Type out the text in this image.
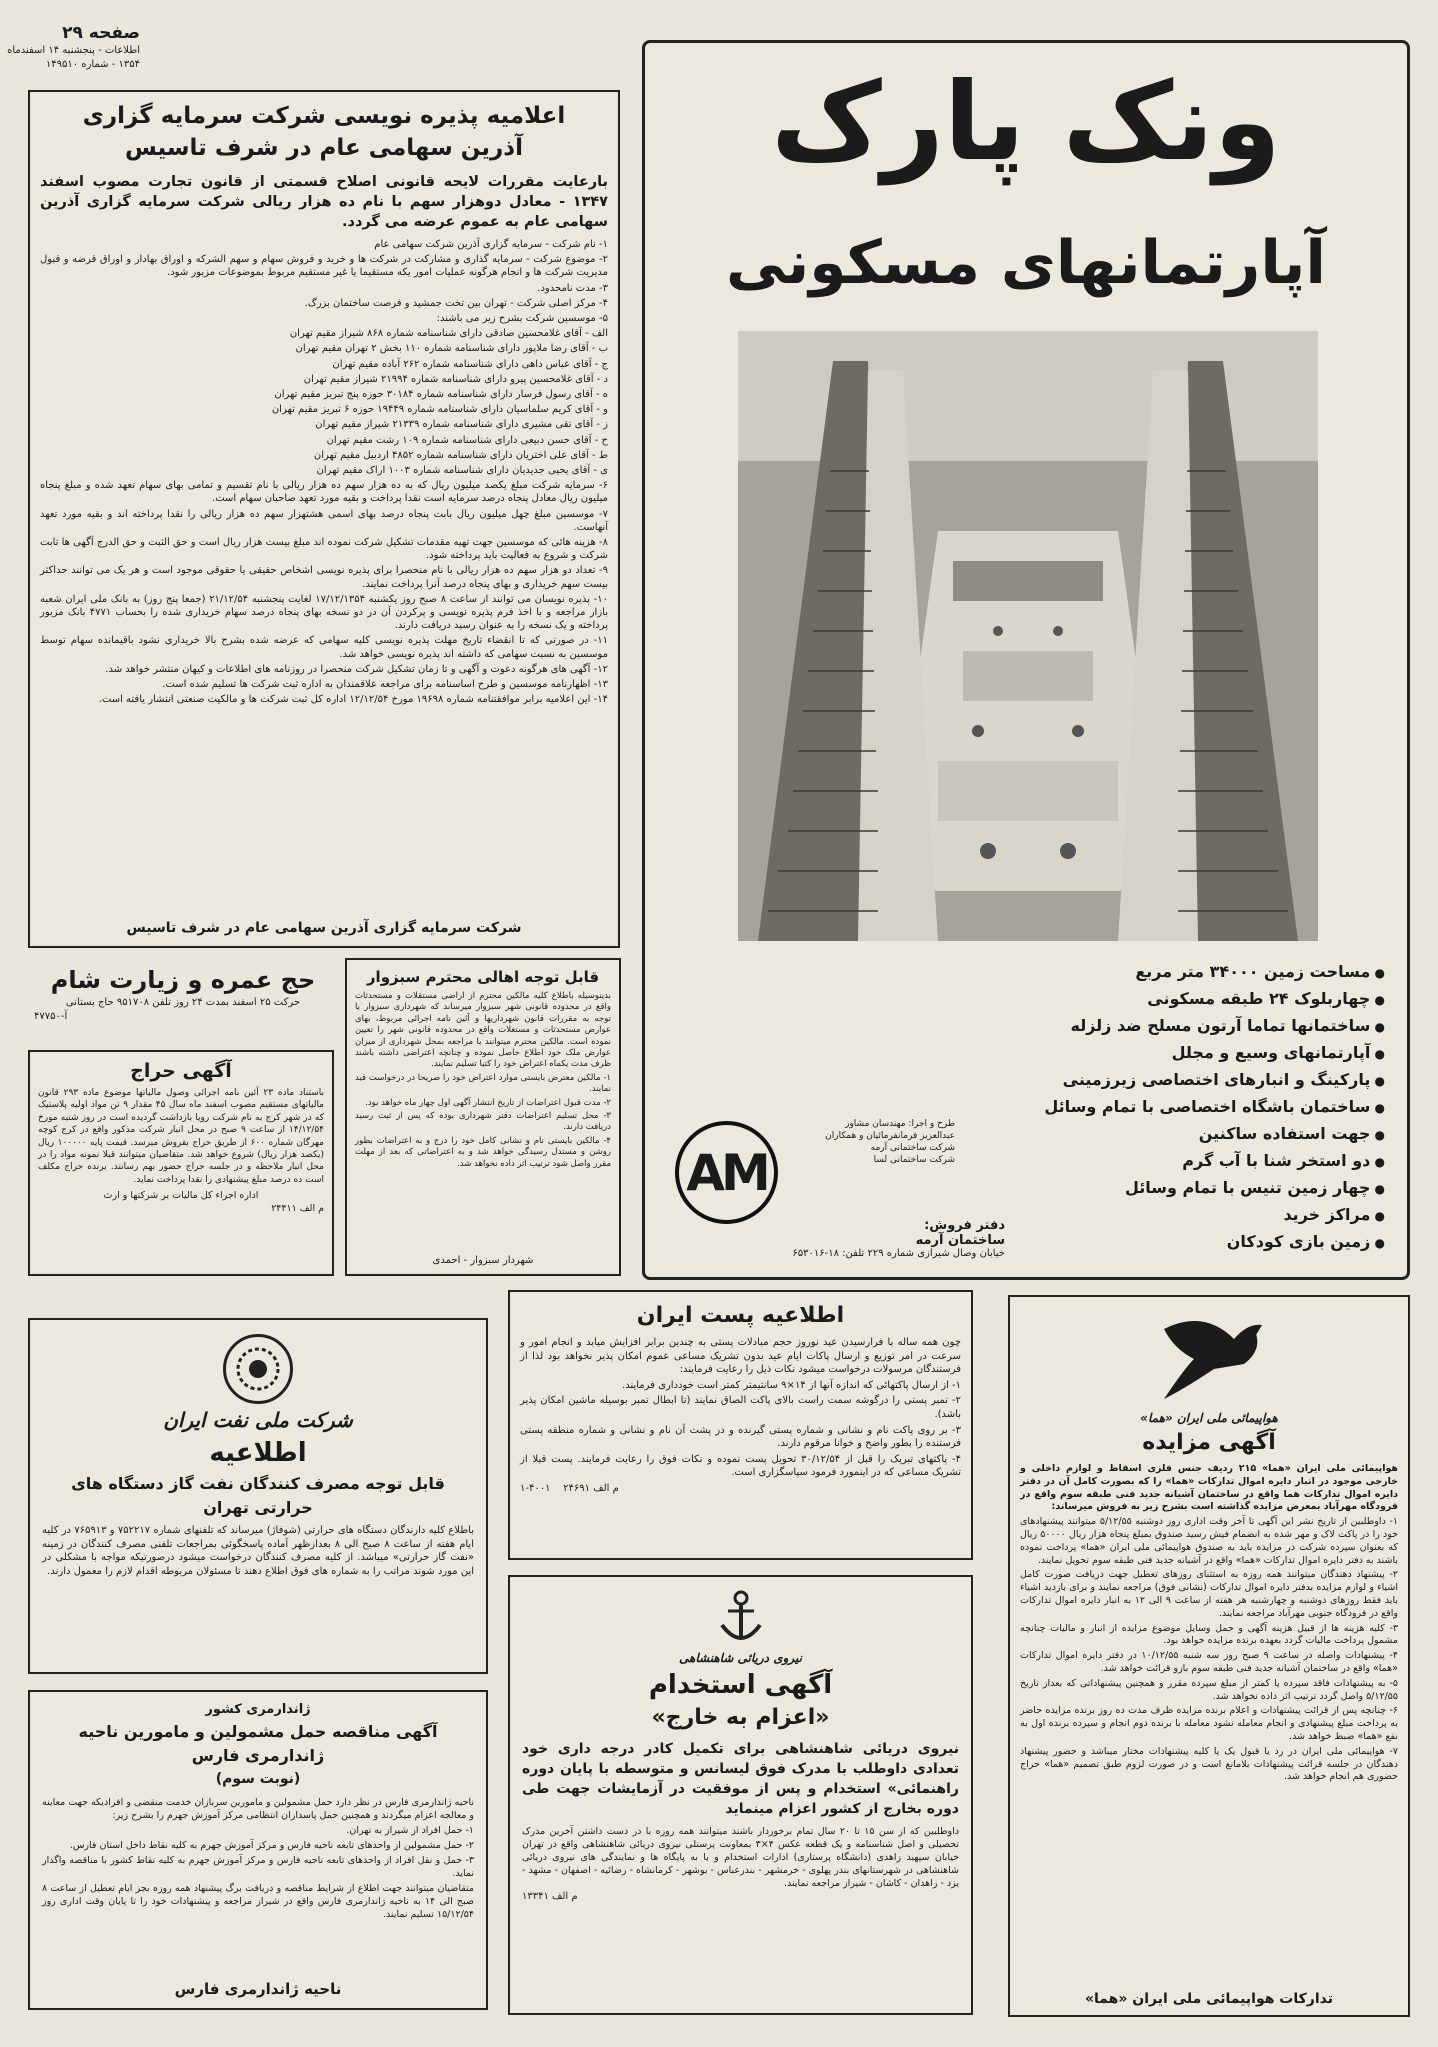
صفحه ۲۹
اطلاعات - پنجشنبه ۱۴ اسفندماه
۱۳۵۴ - شماره ۱۴۹۵۱۰	ونک پارک
آپارتمانهای مسکونی
● مساحت زمین ۳۴۰۰۰ متر مربع
● چهاربلوک ۲۴ طبقه مسکونی
● ساختمانها تماما آرتون مسلح ضد زلزله
● آپارتمانهای وسیع و مجلل
● پارکینگ و انبارهای اختصاصی زیرزمینی
● ساختمان باشگاه اختصاصی با تمام وسائل
● جهت استفاده ساکنین
● دو استخر شنا با آب گرم
● چهار زمین تنیس با تمام وسائل
● مراکز خرید
● زمین بازی کودکان
طرح و اجرا: مهندسان مشاور
عبدالعزیز فرمانفرمائیان و همکاران
شرکت ساختمانی آرمه
شرکت ساختمانی لسا
AM
دفتر فروش:
ساختمان آرمه
خیابان وصال شیرازی شماره ۲۲۹ تلفن: ۱۸-۶۵۳۰۱۶
اعلامیه پذیره نویسی شرکت سرمایه گزاری
آذرین سهامی عام در شرف تاسیس
بارعایت مقررات لایحه قانونی اصلاح قسمتی از قانون تجارت مصوب اسفند ۱۳۴۷ - معادل دوهزار سهم با نام ده هزار ریالی شرکت سرمایه گزاری آذرین سهامی عام به عموم عرضه می گردد.

۱- نام شرکت - سرمایه گزاری آذرین شرکت سهامی عام

۲- موضوع شرکت - سرمایه گذاری و مشارکت در شرکت ها و خرید و فروش سهام و سهم الشرکه و اوراق بهادار و اوراق قرضه و قبول مدیریت شرکت ها و انجام هرگونه عملیات امور یکه مستقیما یا غیر مستقیم مربوط بموضوعات مزبور شود.

۳- مدت نامحدود.

۴- مرکز اصلی شرکت - تهران بین تخت جمشید و فرصت ساختمان بزرگ.

۵- موسسین شرکت بشرح زیر می باشند:

الف - آقای غلامحسین صادقی دارای شناسنامه شماره ۸۶۸ شیراز مقیم تهران

ب - آقای رضا ملاپور دارای شناسنامه شماره ۱۱۰ بخش ۲ تهران مقیم تهران

ج - آقای عباس داهی دارای شناسنامه شماره ۲۶۲ آباده مقیم تهران

د - آقای غلامحسین پیرو دارای شناسنامه شماره ۲۱۹۹۴ شیراز مقیم تهران

ه - آقای رسول فرسار دارای شناسنامه شماره ۳۰۱۸۴ حوزه پنج تبریز مقیم تهران

و - آقای کریم سلماسیان دارای شناسنامه شماره ۱۹۴۴۹ حوزه ۶ تبریز مقیم تهران

ز - آقای تقی مشیری دارای شناسنامه شماره ۲۱۳۳۹ شیراز مقیم تهران

ح - آقای حسن دبیعی دارای شناسنامه شماره ۱۰۹ رشت مقیم تهران

ط - آقای علی اختریان دارای شناسنامه شماره ۴۸۵۲ اردبیل مقیم تهران

ی - آقای یحیی جدیدیان دارای شناسنامه شماره ۱۰۰۳ اراک مقیم تهران

۶- سرمایه شرکت مبلغ یکصد میلیون ریال که به ده هزار سهم ده هزار ریالی با نام تقسیم و تمامی بهای سهام تعهد شده و مبلغ پنجاه میلیون ریال معادل پنجاه درصد سرمایه است نقدا پرداخت و بقیه مورد تعهد صاحبان سهام است.

۷- موسسین مبلغ چهل میلیون ریال بابت پنجاه درصد بهای اسمی هشتهزار سهم ده هزار ریالی را نقدا پرداخته اند و بقیه مورد تعهد آنهاست.

۸- هزینه هائی که موسسین جهت تهیه مقدمات تشکیل شرکت نموده اند مبلغ بیست هزار ریال است و حق الثبت و حق الدرج آگهی ها تابت شرکت و شروع به فعالیت باید پرداخته شود.

۹- تعداد دو هزار سهم ده هزار ریالی با نام منحصرا برای پذیره نویسی اشخاص حقیقی یا حقوقی موجود است و هر یک می توانند حداکثر بیست سهم خریداری و بهای پنجاه درصد آنرا پرداخت نمایند.

۱۰- پذیره نویسان می توانند از ساعت ۸ صبح روز یکشنبه ۱۷/۱۲/۱۳۵۴ لغایت پنجشنبه ۲۱/۱۲/۵۴ (جمعا پنج روز) به بانک ملی ایران شعبه بازار مراجعه و با اخذ فرم پذیره نویسی و پرکردن آن در دو نسخه بهای پنجاه درصد سهام خریداری شده را بحساب ۴۷۷۱ بانک مزبور پرداخته و یک نسخه را به عنوان رسید دریافت دارند.

۱۱- در صورتی که تا انقضاء تاریخ مهلت پذیره نویسی کلیه سهامی که عرضه شده بشرح بالا خریداری نشود باقیمانده سهام توسط موسسین به نسبت سهامی که داشته اند پذیره نویسی خواهد شد.

۱۲- آگهی های هرگونه دعوت و آگهی و تا زمان تشکیل شرکت منحصرا در روزنامه های اطلاعات و کیهان منتشر خواهد شد.

۱۳- اظهارنامه موسسین و طرح اساسنامه برای مراجعه علاقمندان به اداره ثبت شرکت ها تسلیم شده است.

۱۴- این اعلامیه برابر موافقتنامه شماره ۱۹۶۹۸ مورخ ۱۲/۱۲/۵۴ اداره کل ثبت شرکت ها و مالکیت صنعتی انتشار یافته است.

شرکت سرمایه گزاری آذرین سهامی عام در شرف تاسیس
حج عمره و زیارت شام
حرکت ۲۵ اسفند بمدت ۲۴ روز تلفن ۹۵۱۷۰۸ حاج بستانی
آ-۴۷۷۵۰
آگهی حراج
باستناد ماده ۲۳ آئین نامه اجرائی وصول مالیاتها موضوع ماده ۲۹۳ قانون مالیاتهای مستقیم مصوب اسفند ماه سال ۴۵ مقدار ۹ تن مواد اولیه پلاستیک که در شهر کرج به نام شرکت رویا بازداشت گردیده است در روز شنبه مورخ ۱۴/۱۲/۵۴ از ساعت ۹ صبح در محل انبار شرکت مذکور واقع در کرج کوچه مهرگان شماره ۶۰۰ از طریق حراج بفروش میرسد. قیمت پایه ۱۰۰۰۰۰ ریال (یکصد هزار ریال) شروع خواهد شد. متقاضیان میتوانند قبلا نمونه مواد را در محل انبار ملاحظه و در جلسه حراج حضور بهم رسانند. برنده حراج مکلف است ده درصد مبلغ پیشنهادی را نقدا پرداخت نماید.
اداره اجراء کل مالیات بر شرکتها و ارث
م الف ۲۴۴۱۱
قابل توجه اهالی محترم سبزوار

بدینوسیله باطلاع کلیه مالکین محترم از اراضی مستقلات و مستحدثات واقع در محدوده قانونی شهر سبزوار میرساند که شهرداری سبزوار با توجه به مقررات قانون شهرداریها و آئین نامه اجرائی مربوط، بهای عوارض مستحدثات و مستغلات واقع در محدوده قانونی شهر را تعیین نموده است. مالکین محترم میتوانند با مراجعه بمحل شهرداری از میزان عوارض ملک خود اطلاع حاصل نموده و چنانچه اعتراضی داشته باشند ظرف مدت یکماه اعتراض خود را کتبا تسلیم نمایند.

۱- مالکین معترض بایستی موارد اعتراض خود را صریحا در درخواست قید نمایند.

۲- مدت قبول اعتراضات از تاریخ انتشار آگهی اول چهار ماه خواهد بود.

۳- محل تسلیم اعتراضات دفتر شهرداری بوده که پس از ثبت رسید دریافت دارند.

۴- مالکین بایستی نام و نشانی کامل خود را درج و به اعتراضات بطور روشن و مستدل رسیدگی خواهد شد و به اعتراضاتی که بعد از مهلت مقرر واصل شود ترتیب اثر داده نخواهد شد.

شهردار سبزوار - احمدی
اطلاعیه پست ایران

چون همه ساله با فرارسیدن عید نوروز حجم مبادلات پستی به چندین برابر افزایش میابد و انجام امور و سرعت در امر توزیع و ارسال پاکات ایام عید بدون تشریک مساعی عموم امکان پذیر نخواهد بود لذا از فرستندگان مرسولات درخواست میشود نکات ذیل را رعایت فرمایند:

۱- از ارسال پاکتهائی که اندازه آنها از ۱۴×۹ سانتیمتر کمتر است خودداری فرمایند.

۲- تمبر پستی را درگوشه سمت راست بالای پاکت الصاق نمایند (تا ابطال تمبر بوسیله ماشین امکان پذیر باشد).

۳- بر روی پاکت نام و نشانی و شماره پستی گیرنده و در پشت آن نام و نشانی و شماره منطقه پستی فرستنده را بطور واضح و خوانا مرقوم دارند.

۴- پاکتهای تبریک را قبل از ۳۰/۱۲/۵۴ تحویل پست نموده و نکات فوق را رعایت فرمایند. پست قبلا از تشریک مساعی که در اینمورد فرمود سپاسگزاری است.

م الف ۲۴۶۹۱    ۴۰۰۱-۱
شرکت ملی نفت ایران
اطلاعیه
قابل توجه مصرف کنندگان نفت گاز دستگاه های
حرارتی تهران
باطلاع کلیه دارندگان دستگاه های حرارتی (شوفاژ) میرساند که تلفنهای شماره ۷۵۲۲۱۷ و ۷۶۵۹۱۳ در کلیه ایام هفته از ساعت ۸ صبح الی ۸ بعدازظهر آماده پاسخگوئی بمراجعات تلفنی مصرف کنندگان در زمینه «نفت گاز حرارتی» میباشد. از کلیه مصرف کنندگان درخواست میشود درصورتیکه مواجه با مشکلی در این مورد شوند مراتب را به شماره های فوق اطلاع دهند تا مسئولان مربوطه اقدام لازم را معمول دارند.
ژاندارمری کشور
آگهی مناقصه حمل مشمولین و مامورین ناحیه
ژاندارمری فارس
(نوبت سوم)

ناحیه ژاندارمری فارس در نظر دارد حمل مشمولین و مامورین سربازان خدمت منقضی و افرادیکه جهت معاینه و معالجه اعزام میگردند و همچنین حمل پاسداران انتظامی مرکز آموزش جهرم را بشرح زیر:

۱- حمل افراد از شیراز به تهران.

۲- حمل مشمولین از واحدهای تابعه ناحیه فارس و مرکز آموزش جهرم به کلیه نقاط داخل استان فارس.

۳- حمل و نقل افراد از واحدهای تابعه ناحیه فارس و مرکز آموزش جهرم به کلیه نقاط کشور با مناقصه واگذار نماید.

متقاضیان میتوانند جهت اطلاع از شرایط مناقصه و دریافت برگ پیشنهاد همه روزه بجز ایام تعطیل از ساعت ۸ صبح الی ۱۴ به ناحیه ژاندارمری فارس واقع در شیراز مراجعه و پیشنهادات خود را تا پایان وقت اداری روز ۱۵/۱۲/۵۴ تسلیم نمایند.

ناحیه ژاندارمری فارس
نیروی دریائی شاهنشاهی
آگهی استخدام
«اعزام به خارج»
نیروی دریائی شاهنشاهی برای تکمیل کادر درجه داری خود تعدادی داوطلب با مدرک فوق لیسانس و متوسطه با پایان دوره راهنمائی» استخدام و پس از موفقیت در آزمایشات جهت طی دوره بخارج از کشور اعزام مینماید
داوطلبین که از سن ۱۵ تا ۲۰ سال تمام برخوردار باشند میتوانند همه روزه با در دست داشتن آخرین مدرک تحصیلی و اصل شناسنامه و یک قطعه عکس ۴×۳ بمعاونت پرسنلی نیروی دریائی شاهنشاهی واقع در تهران خیابان سپهبد زاهدی (دانشگاه پرستاری) ادارات استخدام و یا به پایگاه ها و نمایندگی های نیروی دریائی شاهنشاهی در شهرستانهای بندر پهلوی - خرمشهر - بندرعباس - بوشهر - کرمانشاه - رضائیه - اصفهان - مشهد - یزد - زاهدان - کاشان - شیراز مراجعه نمایند.
م الف ۱۳۳۴۱
هواپیمائی ملی ایران «هما»
آگهی مزایده

هواپیمائی ملی ایران «هما» ۲۱۵ ردیف جنس فلزی اسقاط و لوازم داخلی و خارجی موجود در انبار دایره اموال تدارکات «هما» را که بصورت کامل آن در دفتر دایره اموال تدارکات هما واقع در ساختمان آشیانه جدید فنی طبقه سوم واقع در فرودگاه مهرآباد بمعرض مزایده گذاشته است بشرح زیر به فروش میرساند:

۱- داوطلبین از تاریخ نشر این آگهی تا آخر وقت اداری روز دوشنبه ۵/۱۲/۵۵ میتوانند پیشنهادهای خود را در پاکت لاک و مهر شده به انضمام فیش رسید صندوق بمبلغ پنجاه هزار ریال ۵۰۰۰۰ ریال که بعنوان سپرده شرکت در مزایده باید به صندوق هواپیمائی ملی ایران «هما» پرداخت نموده باشند به دفتر دایره اموال تدارکات «هما» واقع در آشیانه جدید فنی طبقه سوم تحویل نمایند.

۲- پیشنهاد دهندگان میتوانند همه روزه به استثنای روزهای تعطیل جهت دریافت صورت کامل اشیاء و لوازم مزایده بدفتر دایره اموال تدارکات (نشانی فوق) مراجعه نمایند و برای بازدید اشیاء باید فقط روزهای دوشنبه و چهارشنبه هر هفته از ساعت ۹ الی ۱۲ به انبار دایره اموال تدارکات واقع در فرودگاه جنوبی مهرآباد مراجعه نمایند.

۳- کلیه هزینه ها از قبیل هزینه آگهی و حمل وسایل موضوع مزایده از انبار و مالیات چنانچه مشمول پرداخت مالیات گردد بعهده برنده مزایده خواهد بود.

۴- پیشنهادات واصله در ساعت ۹ صبح روز سه شنبه ۱۰/۱۲/۵۵ در دفتر دایره اموال تدارکات «هما» واقع در ساختمان آشیانه جدید فنی طبقه سوم بازو قرائت خواهد شد.

۵- به پیشنهادات فاقد سپرده یا کمتر از مبلغ سپرده مقرر و همچنین پیشنهاداتی که بعداز تاریخ ۵/۱۲/۵۵ واصل گردد ترتیب اثر داده نخواهد شد.

۶- چنانچه پس از قرائت پیشنهادات و اعلام برنده مزایده ظرف مدت ده روز برنده مزایده حاضر به پرداخت مبلغ پیشنهادی و انجام معامله نشود معامله با برنده دوم انجام و سپرده برنده اول به نفع «هما» ضبط خواهد شد.

۷- هواپیمائی ملی ایران در رد یا قبول یک یا کلیه پیشنهادات مختار میباشد و حضور پیشنهاد دهندگان در جلسه قرائت پیشنهادات بلامانع است و در صورت لزوم طبق تصمیم «هما» حراج حضوری هم انجام خواهد شد.

تدارکات هواپیمائی ملی ایران «هما»
